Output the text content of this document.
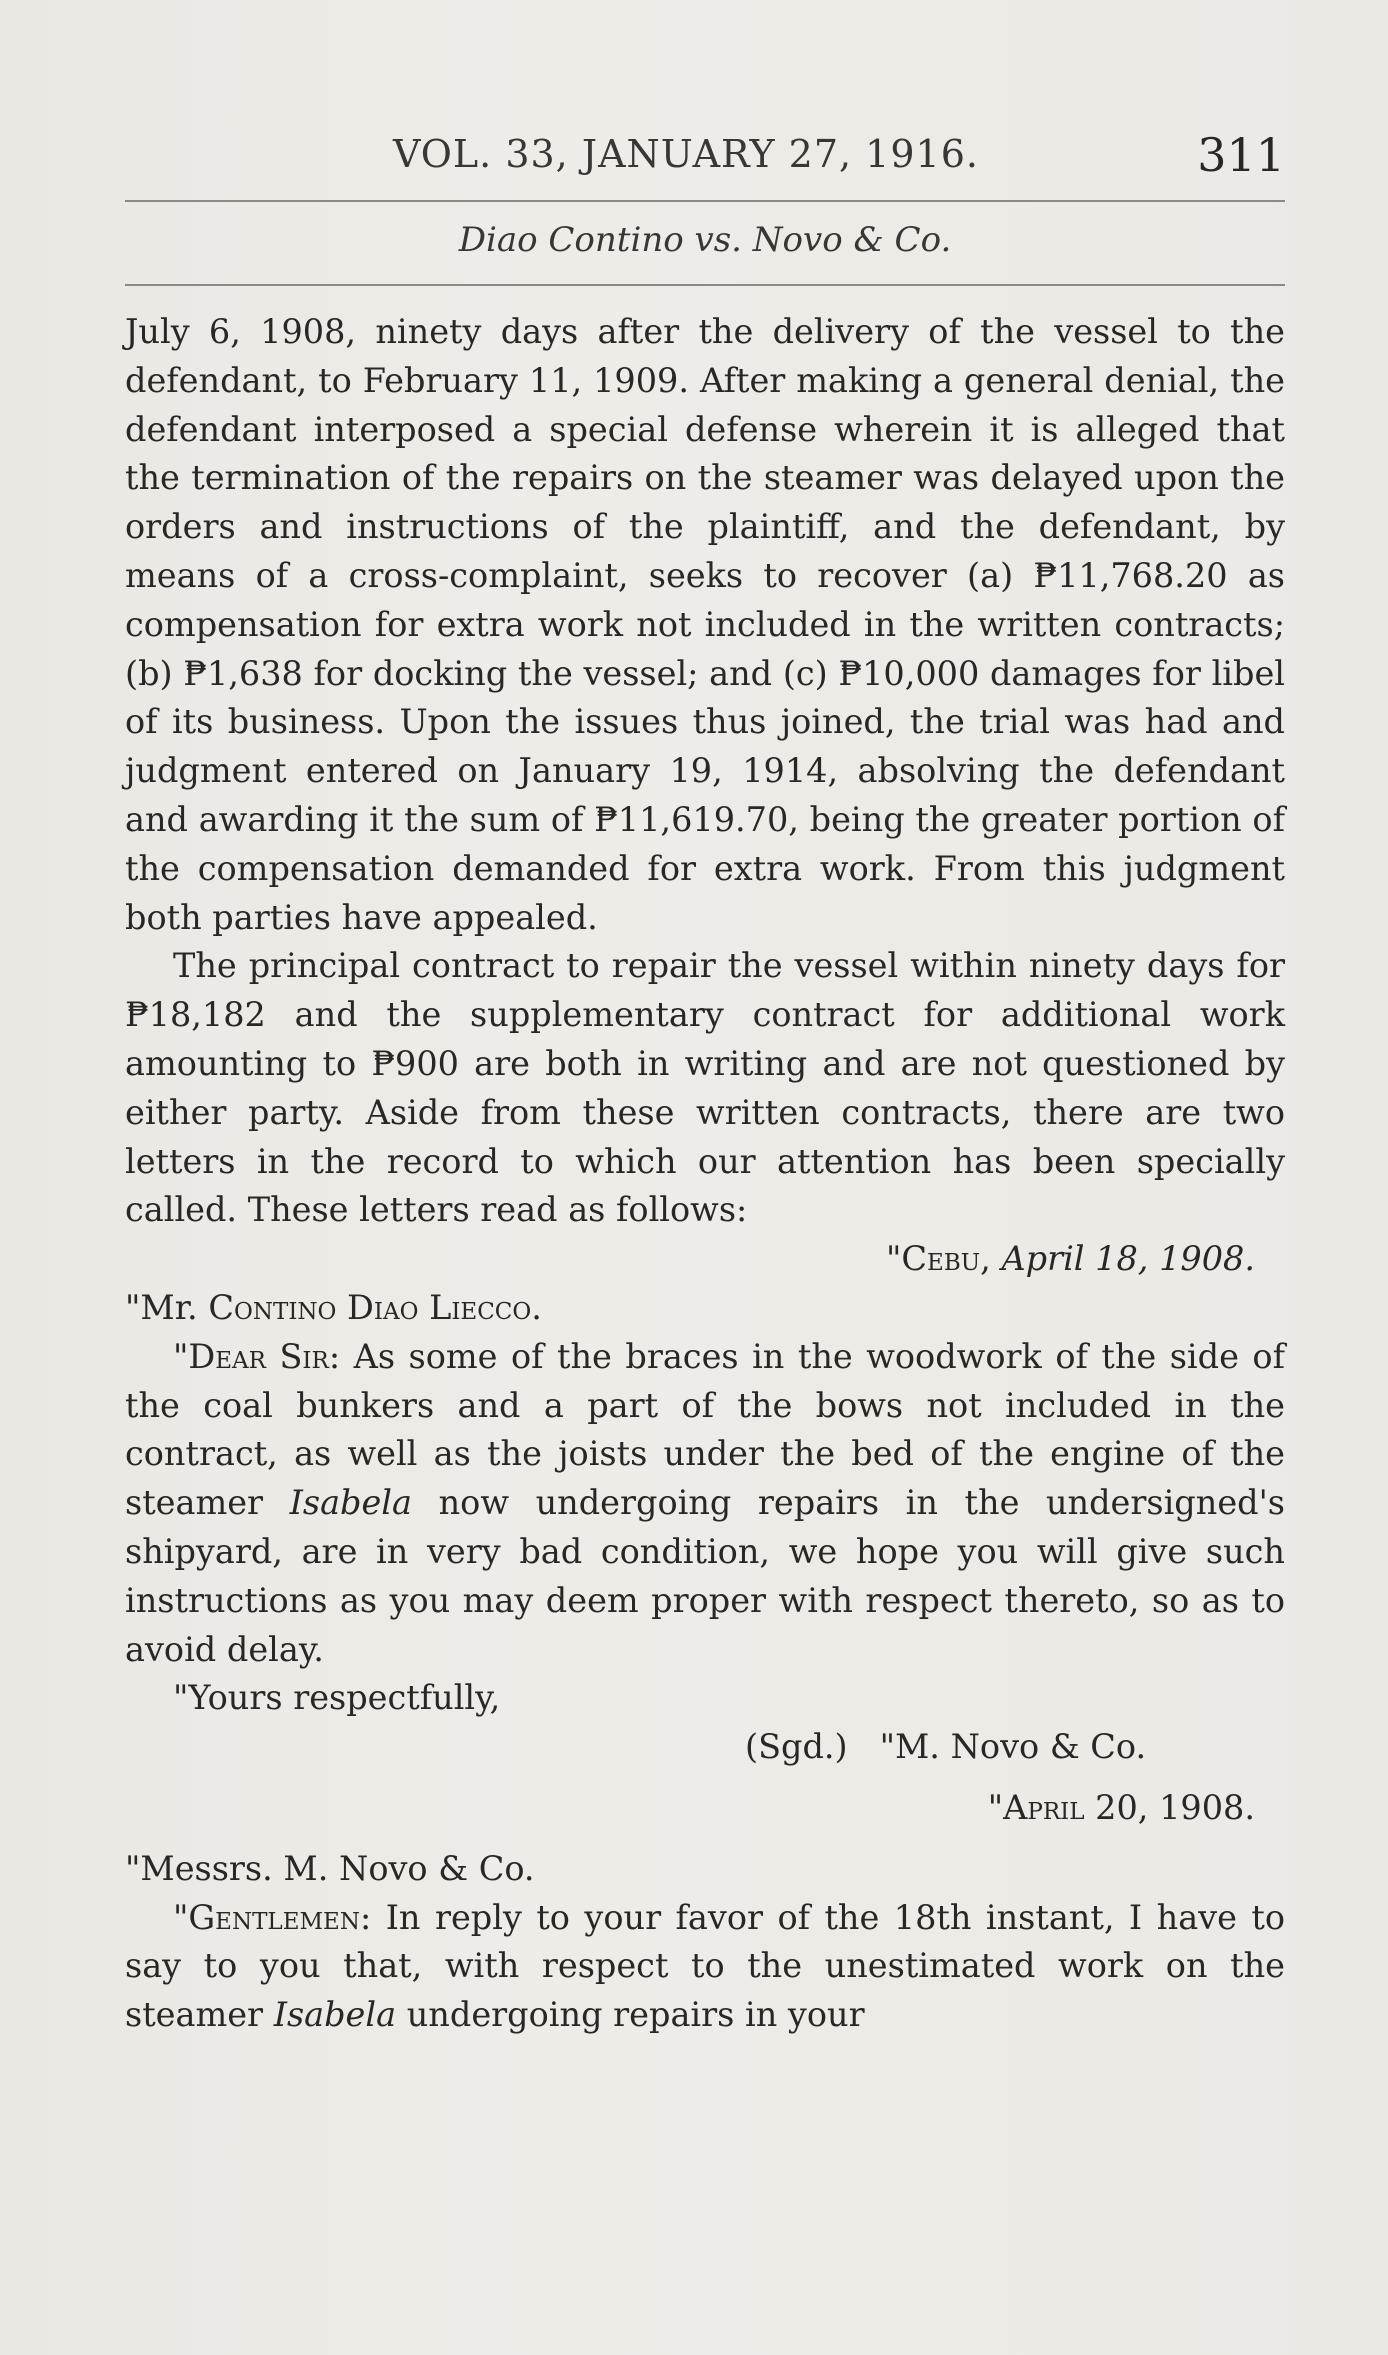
VOL. 33, JANUARY 27, 1916.	311
Diao Contino vs. Novo & Co.

July 6, 1908, ninety days after the delivery of the vessel to the defendant, to February 11, 1909. After making a general denial, the defendant interposed a special defense wherein it is alleged that the termination of the repairs on the steamer was delayed upon the orders and instructions of the plaintiff, and the defendant, by means of a cross-complaint, seeks to recover (a) ₱11,768.20 as compensation for extra work not included in the written contracts; (b) ₱1,638 for docking the vessel; and (c) ₱10,000 damages for libel of its business. Upon the issues thus joined, the trial was had and judgment entered on January 19, 1914, absolving the defendant and awarding it the sum of ₱11,619.70, being the greater portion of the compensation demanded for extra work. From this judgment both parties have appealed.

The principal contract to repair the vessel within ninety days for ₱18,182 and the supplementary contract for additional work amounting to ₱900 are both in writing and are not questioned by either party. Aside from these written contracts, there are two letters in the record to which our attention has been specially called. These letters read as follows:

"Cebu, April 18, 1908.

"Mr. Contino Diao Liecco.

"Dear Sir: As some of the braces in the woodwork of the side of the coal bunkers and a part of the bows not included in the contract, as well as the joists under the bed of the engine of the steamer Isabela now undergoing repairs in the undersigned's shipyard, are in very bad condition, we hope you will give such instructions as you may deem proper with respect thereto, so as to avoid delay.

"Yours respectfully,

(Sgd.) "M. Novo & Co.

"April 20, 1908.

"Messrs. M. Novo & Co.

"Gentlemen: In reply to your favor of the 18th instant, I have to say to you that, with respect to the unestimated work on the steamer Isabela undergoing repairs in your
